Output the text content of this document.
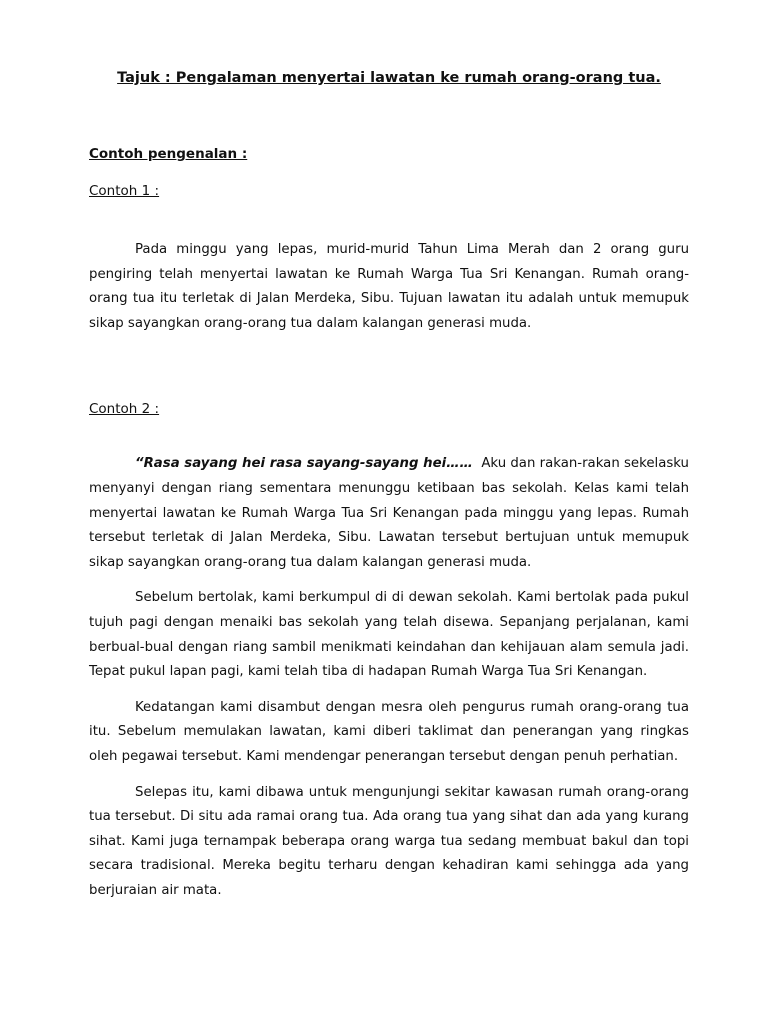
Tajuk : Pengalaman menyertai lawatan ke rumah orang-orang tua.
Contoh pengenalan :
Contoh 1 :

Pada minggu yang lepas, murid-murid Tahun Lima Merah dan 2 orang guru pengiring telah menyertai lawatan ke Rumah Warga Tua Sri Kenangan. Rumah orang-orang tua itu terletak di Jalan Merdeka, Sibu. Tujuan lawatan itu adalah untuk memupuk sikap sayangkan orang-orang tua dalam kalangan generasi muda.

Contoh 2 :

“Rasa sayang hei rasa sayang-sayang hei…… Aku dan rakan-rakan sekelasku menyanyi dengan riang sementara menunggu ketibaan bas sekolah. Kelas kami telah menyertai lawatan ke Rumah Warga Tua Sri Kenangan pada minggu yang lepas. Rumah tersebut terletak di Jalan Merdeka, Sibu. Lawatan tersebut bertujuan untuk memupuk sikap sayangkan orang-orang tua dalam kalangan generasi muda.

Sebelum bertolak, kami berkumpul di di dewan sekolah. Kami bertolak pada pukul tujuh pagi dengan menaiki bas sekolah yang telah disewa. Sepanjang perjalanan, kami berbual-bual dengan riang sambil menikmati keindahan dan kehijauan alam semula jadi. Tepat pukul lapan pagi, kami telah tiba di hadapan Rumah Warga Tua Sri Kenangan.

Kedatangan kami disambut dengan mesra oleh pengurus rumah orang-orang tua itu. Sebelum memulakan lawatan, kami diberi taklimat dan penerangan yang ringkas oleh pegawai tersebut. Kami mendengar penerangan tersebut dengan penuh perhatian.

Selepas itu, kami dibawa untuk mengunjungi sekitar kawasan rumah orang-orang tua tersebut. Di situ ada ramai orang tua. Ada orang tua yang sihat dan ada yang kurang sihat. Kami juga ternampak beberapa orang warga tua sedang membuat bakul dan topi secara tradisional. Mereka begitu terharu dengan kehadiran kami sehingga ada yang berjuraian air mata.
